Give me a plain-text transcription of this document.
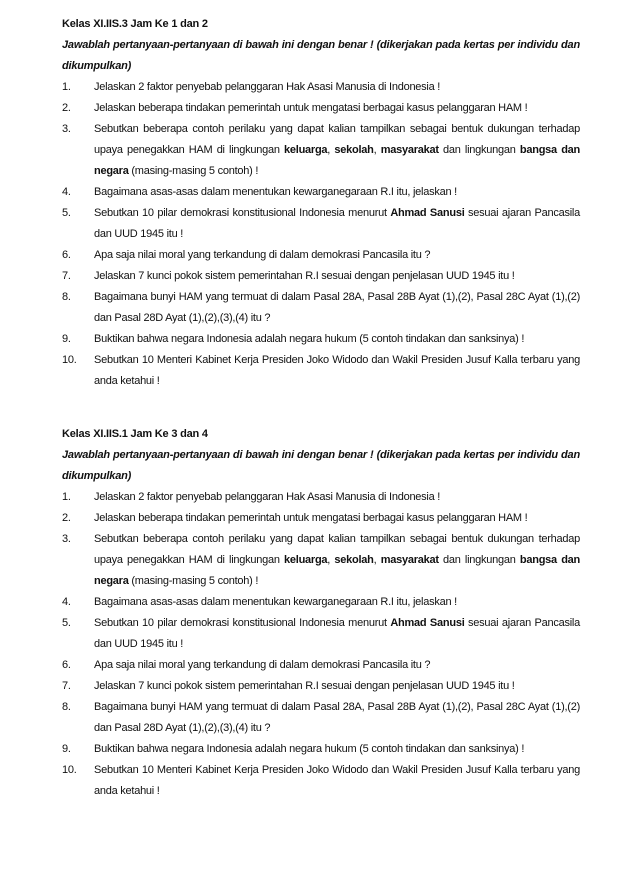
Kelas XI.IIS.3 Jam Ke 1 dan 2
Jawablah pertanyaan-pertanyaan di bawah ini dengan benar ! (dikerjakan pada kertas per individu dan dikumpulkan)
1. Jelaskan 2 faktor penyebab pelanggaran Hak Asasi Manusia di Indonesia !
2. Jelaskan beberapa tindakan pemerintah untuk mengatasi berbagai kasus pelanggaran HAM !
3. Sebutkan beberapa contoh perilaku yang dapat kalian tampilkan sebagai bentuk dukungan terhadap upaya penegakkan HAM di lingkungan keluarga, sekolah, masyarakat dan lingkungan bangsa dan negara (masing-masing 5 contoh) !
4. Bagaimana asas-asas dalam menentukan kewarganegaraan R.I itu, jelaskan !
5. Sebutkan 10 pilar demokrasi konstitusional Indonesia menurut Ahmad Sanusi sesuai ajaran Pancasila dan UUD 1945 itu !
6. Apa saja nilai moral yang terkandung di dalam demokrasi Pancasila itu ?
7. Jelaskan 7 kunci pokok sistem pemerintahan R.I sesuai dengan penjelasan UUD 1945 itu !
8. Bagaimana bunyi HAM yang termuat di dalam Pasal 28A, Pasal 28B Ayat (1),(2), Pasal 28C Ayat (1),(2) dan Pasal 28D Ayat (1),(2),(3),(4) itu ?
9. Buktikan bahwa negara Indonesia adalah negara hukum (5 contoh tindakan dan sanksinya) !
10. Sebutkan 10 Menteri Kabinet Kerja Presiden Joko Widodo dan Wakil Presiden Jusuf Kalla terbaru yang anda ketahui !
Kelas XI.IIS.1 Jam Ke 3 dan 4
Jawablah pertanyaan-pertanyaan di bawah ini dengan benar ! (dikerjakan pada kertas per individu dan dikumpulkan)
1. Jelaskan 2 faktor penyebab pelanggaran Hak Asasi Manusia di Indonesia !
2. Jelaskan beberapa tindakan pemerintah untuk mengatasi berbagai kasus pelanggaran HAM !
3. Sebutkan beberapa contoh perilaku yang dapat kalian tampilkan sebagai bentuk dukungan terhadap upaya penegakkan HAM di lingkungan keluarga, sekolah, masyarakat dan lingkungan bangsa dan negara (masing-masing 5 contoh) !
4. Bagaimana asas-asas dalam menentukan kewarganegaraan R.I itu, jelaskan !
5. Sebutkan 10 pilar demokrasi konstitusional Indonesia menurut Ahmad Sanusi sesuai ajaran Pancasila dan UUD 1945 itu !
6. Apa saja nilai moral yang terkandung di dalam demokrasi Pancasila itu ?
7. Jelaskan 7 kunci pokok sistem pemerintahan R.I sesuai dengan penjelasan UUD 1945 itu !
8. Bagaimana bunyi HAM yang termuat di dalam Pasal 28A, Pasal 28B Ayat (1),(2), Pasal 28C Ayat (1),(2) dan Pasal 28D Ayat (1),(2),(3),(4) itu ?
9. Buktikan bahwa negara Indonesia adalah negara hukum (5 contoh tindakan dan sanksinya) !
10. Sebutkan 10 Menteri Kabinet Kerja Presiden Joko Widodo dan Wakil Presiden Jusuf Kalla terbaru yang anda ketahui !
